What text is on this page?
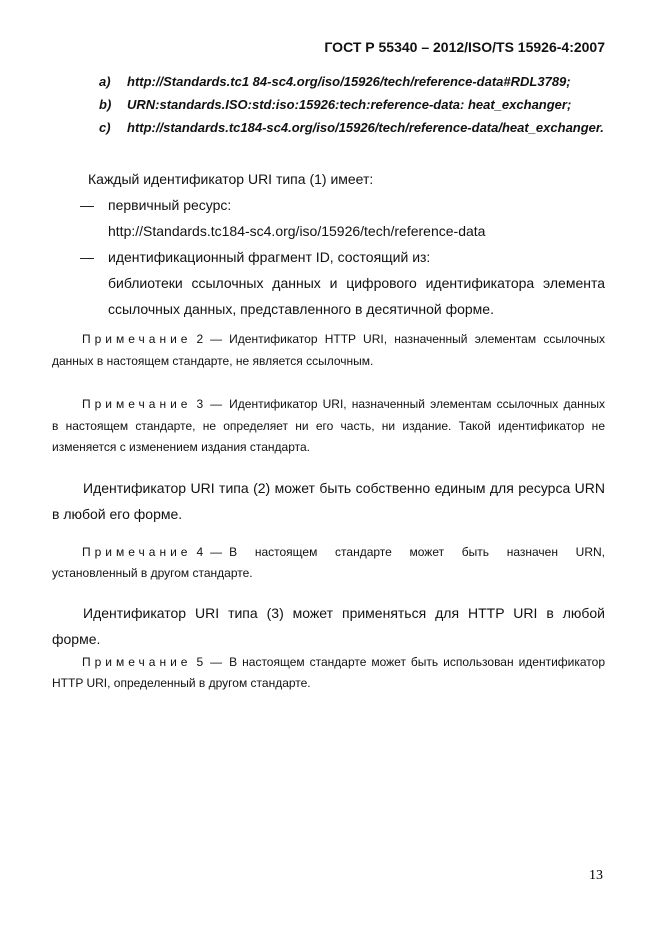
ГОСТ Р 55340 – 2012/ISO/TS 15926-4:2007
a) http://Standards.tc1 84-sc4.org/iso/15926/tech/reference-data#RDL3789;
b) URN:standards.ISO:std:iso:15926:tech:reference-data: heat_exchanger;
c) http://standards.tc184-sc4.org/iso/15926/tech/reference-data/heat_exchanger.

Каждый идентификатор URI типа (1) имеет:

— первичный ресурс:

http://Standards.tc184-sc4.org/iso/15926/tech/reference-data

— идентификационный фрагмент ID, состоящий из:

библиотеки ссылочных данных и цифрового идентификатора элемента ссылочных данных, представленного в десятичной форме.

Примечание 2 — Идентификатор HTTP URI, назначенный элементам ссылочных данных в настоящем стандарте, не является ссылочным.

Примечание 3 — Идентификатор URI, назначенный элементам ссылочных данных в настоящем стандарте, не определяет ни его часть, ни издание. Такой идентификатор не изменяется с изменением издания стандарта.

Идентификатор URI типа (2) может быть собственно единым для ресурса URN в любой его форме.

Примечание 4 — В настоящем стандарте может быть назначен URN, установленный в другом стандарте.

Идентификатор URI типа (3) может применяться для HTTP URI в любой форме.

Примечание 5 — В настоящем стандарте может быть использован идентификатор HTTP URI, определенный в другом стандарте.

13
